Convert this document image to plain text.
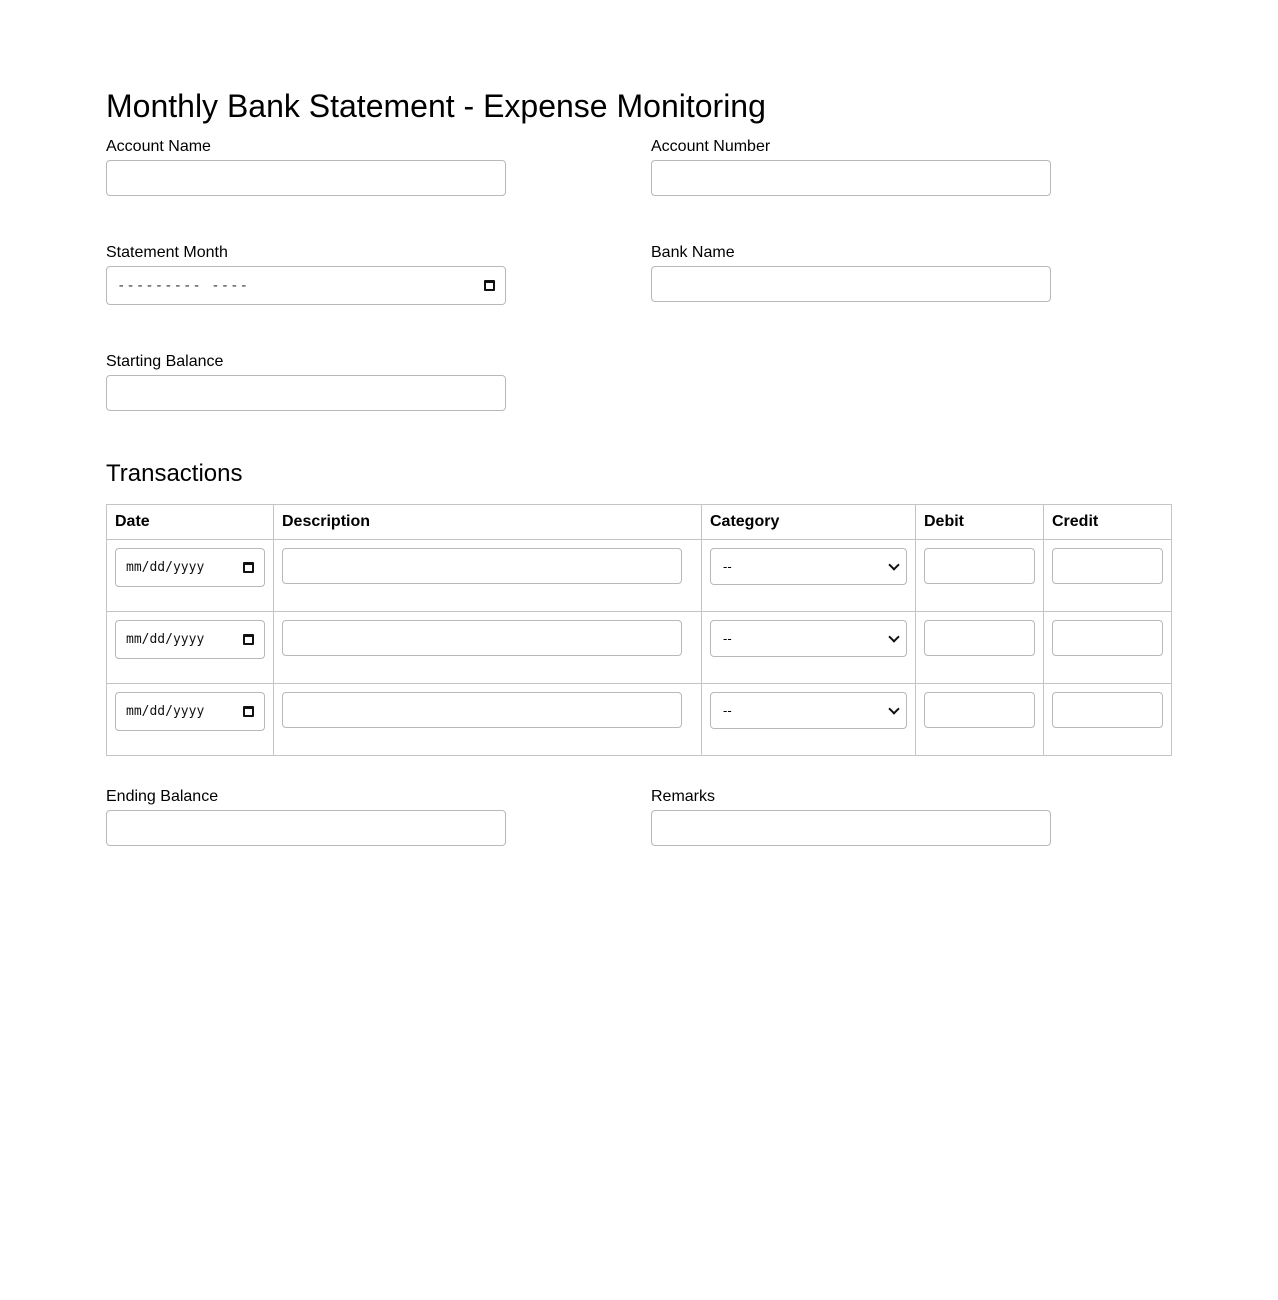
Monthly Bank Statement - Expense Monitoring
Account Name	Account Number
Statement Month
--------- ----
Bank Name
Starting Balance
Transactions
Date	Description	Category	Debit	Credit

mm/dd/yyyy		--		

mm/dd/yyyy		--		

mm/dd/yyyy		--		

Ending Balance	Remarks
